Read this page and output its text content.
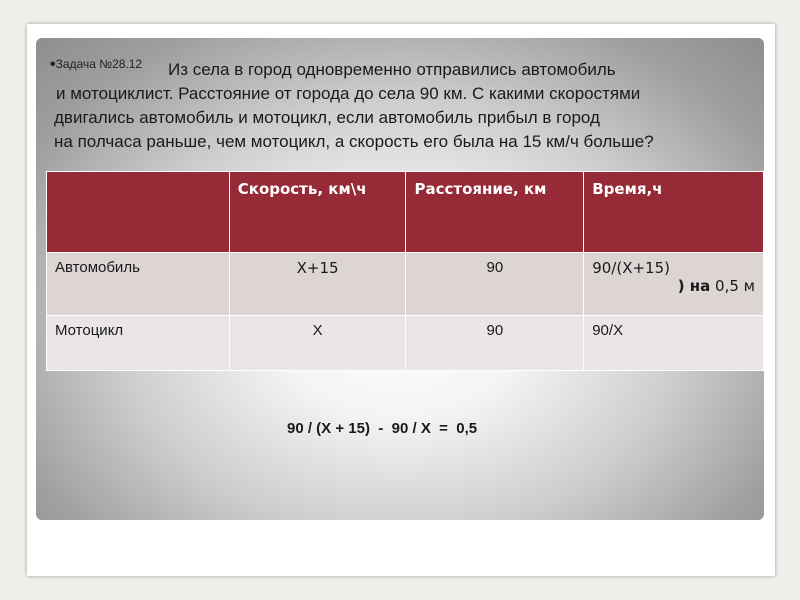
•Задача №28.12 Из села в город одновременно отправились автомобиль
и мотоциклист. Расстояние от города до села 90 км. С какими скоростями
двигались автомобиль и мотоцикл, если автомобиль прибыл в город
на полчаса раньше, чем мотоцикл, а скорость его была на 15 км/ч больше?
	Скорость, км\ч	Расстояние, км	Время,ч
Автомобиль	Х+15	90	90/(Х+15)
) на 0,5 м

Мотоцикл	Х	90	90/Х
90 / (Х + 15)  -  90 / Х  =  0,5
